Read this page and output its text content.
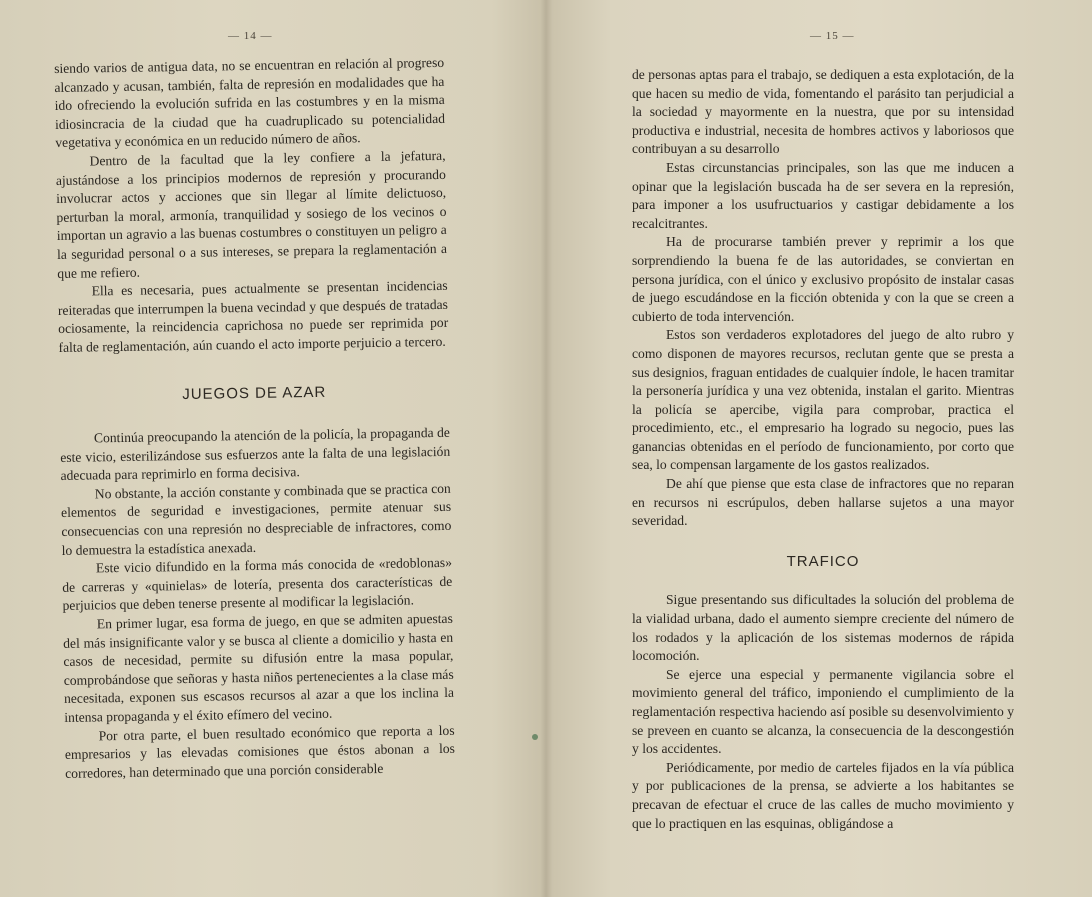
— 14 —

siendo varios de antigua data, no se encuentran en relación al progreso alcanzado y acusan, también, falta de represión en modalidades que ha ido ofreciendo la evolución sufrida en las costumbres y en la misma idiosincracia de la ciudad que ha cuadruplicado su potencialidad vegetativa y económica en un reducido número de años.

Dentro de la facultad que la ley confiere a la jefatura, ajustándose a los principios modernos de represión y procurando involucrar actos y acciones que sin llegar al límite delictuoso, perturban la moral, armonía, tranquilidad y sosiego de los vecinos o importan un agravio a las buenas costumbres o constituyen un peligro a la seguridad personal o a sus intereses, se prepara la reglamentación a que me refiero.

Ella es necesaria, pues actualmente se presentan incidencias reiteradas que interrumpen la buena vecindad y que después de tratadas ociosamente, la reincidencia caprichosa no puede ser reprimida por falta de reglamentación, aún cuando el acto importe perjuicio a tercero.

JUEGOS DE AZAR

Continúa preocupando la atención de la policía, la propaganda de este vicio, esterilizándose sus esfuerzos ante la falta de una legislación adecuada para reprimirlo en forma decisiva.

No obstante, la acción constante y combinada que se practica con elementos de seguridad e investigaciones, permite atenuar sus consecuencias con una represión no despreciable de infractores, como lo demuestra la estadística anexada.

Este vicio difundido en la forma más conocida de «redoblonas» de carreras y «quinielas» de lotería, presenta dos características de perjuicios que deben tenerse presente al modificar la legislación.

En primer lugar, esa forma de juego, en que se admiten apuestas del más insignificante valor y se busca al cliente a domicilio y hasta en casos de necesidad, permite su difusión entre la masa popular, comprobándose que señoras y hasta niños pertenecientes a la clase más necesitada, exponen sus escasos recursos al azar a que los inclina la intensa propaganda y el éxito efímero del vecino.

Por otra parte, el buen resultado económico que reporta a los empresarios y las elevadas comisiones que éstos abonan a los corredores, han determinado que una porción considerable

— 15 —

de personas aptas para el trabajo, se dediquen a esta explotación, de la que hacen su medio de vida, fomentando el parásito tan perjudicial a la sociedad y mayormente en la nuestra, que por su intensidad productiva e industrial, necesita de hombres activos y laboriosos que contribuyan a su desarrollo

Estas circunstancias principales, son las que me inducen a opinar que la legislación buscada ha de ser severa en la represión, para imponer a los usufructuarios y castigar debidamente a los recalcitrantes.

Ha de procurarse también prever y reprimir a los que sorprendiendo la buena fe de las autoridades, se conviertan en persona jurídica, con el único y exclusivo propósito de instalar casas de juego escudándose en la ficción obtenida y con la que se creen a cubierto de toda intervención.

Estos son verdaderos explotadores del juego de alto rubro y como disponen de mayores recursos, reclutan gente que se presta a sus designios, fraguan entidades de cualquier índole, le hacen tramitar la personería jurídica y una vez obtenida, instalan el garito. Mientras la policía se apercibe, vigila para comprobar, practica el procedimiento, etc., el empresario ha logrado su negocio, pues las ganancias obtenidas en el período de funcionamiento, por corto que sea, lo compensan largamente de los gastos realizados.

De ahí que piense que esta clase de infractores que no reparan en recursos ni escrúpulos, deben hallarse sujetos a una mayor severidad.

TRAFICO

Sigue presentando sus dificultades la solución del problema de la vialidad urbana, dado el aumento siempre creciente del número de los rodados y la aplicación de los sistemas modernos de rápida locomoción.

Se ejerce una especial y permanente vigilancia sobre el movimiento general del tráfico, imponiendo el cumplimiento de la reglamentación respectiva haciendo así posible su desenvolvimiento y se preveen en cuanto se alcanza, la consecuencia de la descongestión y los accidentes.

Periódicamente, por medio de carteles fijados en la vía pública y por publicaciones de la prensa, se advierte a los habitantes se precavan de efectuar el cruce de las calles de mucho movimiento y que lo practiquen en las esquinas, obligándose a
